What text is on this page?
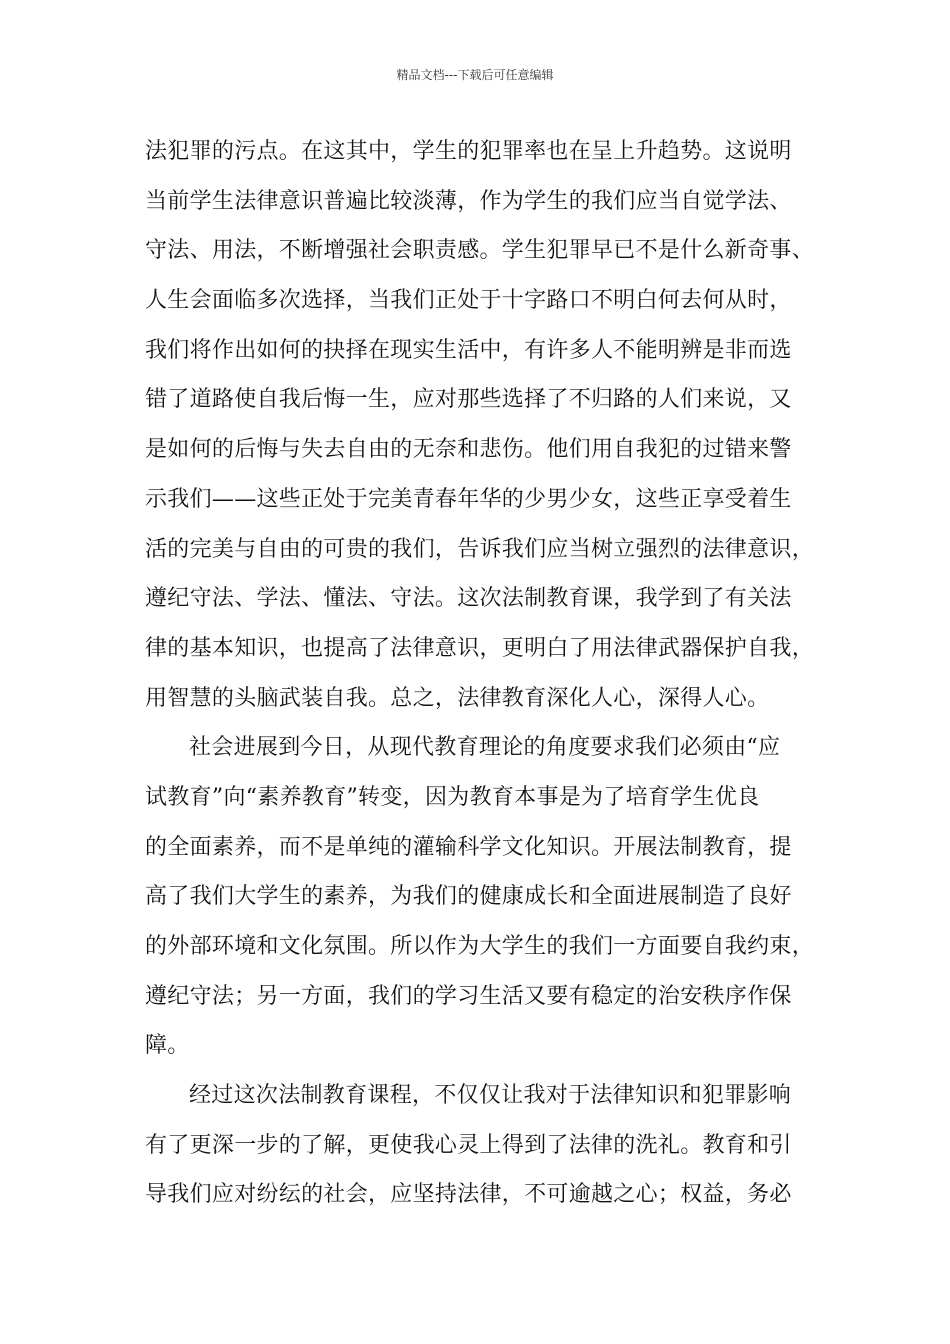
精品文档---下载后可任意编辑
法犯罪的污点。在这其中，学生的犯罪率也在呈上升趋势。这说明
当前学生法律意识普遍比较淡薄，作为学生的我们应当自觉学法、
守法、用法，不断增强社会职责感。学生犯罪早已不是什么新奇事、
人生会面临多次选择，当我们正处于十字路口不明白何去何从时，
我们将作出如何的抉择在现实生活中，有许多人不能明辨是非而选
错了道路使自我后悔一生，应对那些选择了不归路的人们来说，又
是如何的后悔与失去自由的无奈和悲伤。他们用自我犯的过错来警
示我们——这些正处于完美青春年华的少男少女，这些正享受着生
活的完美与自由的可贵的我们，告诉我们应当树立强烈的法律意识，
遵纪守法、学法、懂法、守法。这次法制教育课，我学到了有关法
律的基本知识，也提高了法律意识，更明白了用法律武器保护自我，
用智慧的头脑武装自我。总之，法律教育深化人心，深得人心。
社会进展到今日，从现代教育理论的角度要求我们必须由“应
试教育”向“素养教育”转变，因为教育本事是为了培育学生优良
的全面素养，而不是单纯的灌输科学文化知识。开展法制教育，提
高了我们大学生的素养，为我们的健康成长和全面进展制造了良好
的外部环境和文化氛围。所以作为大学生的我们一方面要自我约束，
遵纪守法；另一方面，我们的学习生活又要有稳定的治安秩序作保
障。
经过这次法制教育课程，不仅仅让我对于法律知识和犯罪影响
有了更深一步的了解，更使我心灵上得到了法律的洗礼。教育和引
导我们应对纷纭的社会，应坚持法律，不可逾越之心；权益，务必
